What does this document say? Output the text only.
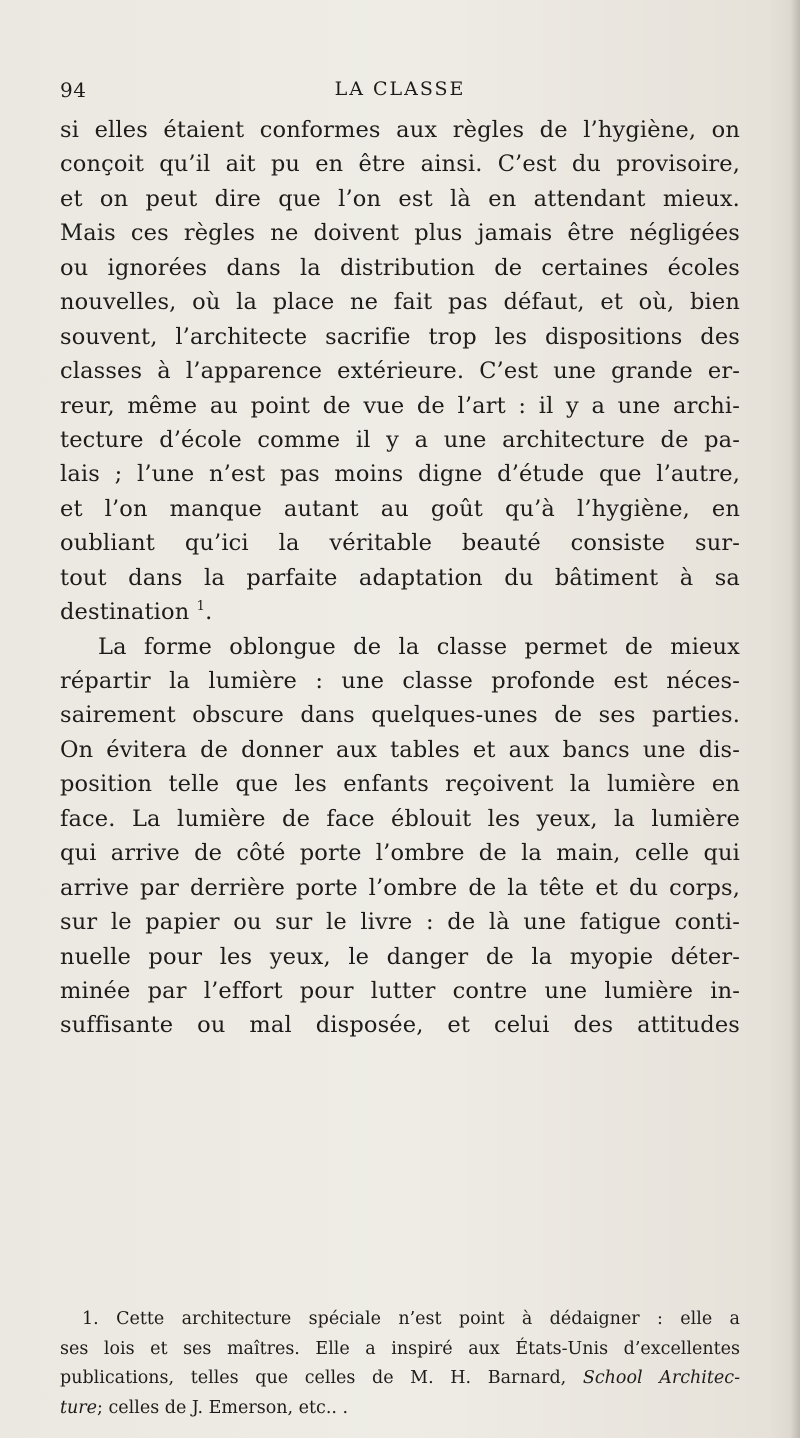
94	LA CLASSE
si elles étaient conformes aux règles de l’hygiène, on
conçoit qu’il ait pu en être ainsi. C’est du provisoire,
et on peut dire que l’on est là en attendant mieux.
Mais ces règles ne doivent plus jamais être négligées
ou ignorées dans la distribution de certaines écoles
nouvelles, où la place ne fait pas défaut, et où, bien
souvent, l’architecte sacrifie trop les dispositions des
classes à l’apparence extérieure. C’est une grande er-
reur, même au point de vue de l’art : il y a une archi-
tecture d’école comme il y a une architecture de pa-
lais ; l’une n’est pas moins digne d’étude que l’autre,
et l’on manque autant au goût qu’à l’hygiène, en
oubliant qu’ici la véritable beauté consiste sur-
tout dans la parfaite adaptation du bâtiment à sa
destination $^1$.
La forme oblongue de la classe permet de mieux
répartir la lumière : une classe profonde est néces-
sairement obscure dans quelques-unes de ses parties.
On évitera de donner aux tables et aux bancs une dis-
position telle que les enfants reçoivent la lumière en
face. La lumière de face éblouit les yeux, la lumière
qui arrive de côté porte l’ombre de la main, celle qui
arrive par derrière porte l’ombre de la tête et du corps,
sur le papier ou sur le livre : de là une fatigue conti-
nuelle pour les yeux, le danger de la myopie déter-
minée par l’effort pour lutter contre une lumière in-
suffisante ou mal disposée, et celui des attitudes
1. Cette architecture spéciale n’est point à dédaigner : elle a
ses lois et ses maîtres. Elle a inspiré aux États-Unis d’excellentes
publications, telles que celles de M. H. Barnard, School Architec-
ture; celles de J. Emerson, etc.. .
